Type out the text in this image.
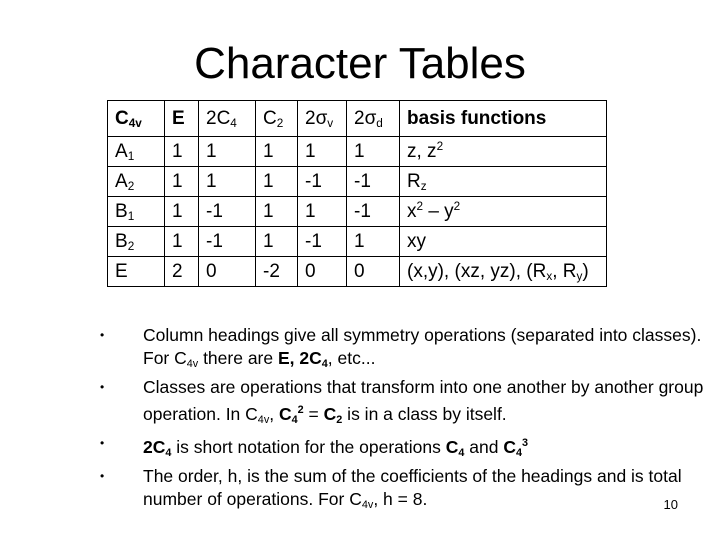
Character Tables
$C_{4v}$	E	$2C_4$	$C_2$	$2\sigma_v$	$2\sigma_d$	basis functions
$A_1$	1	1	1	1	1	z, $z^2$
$A_2$	1	1	1	-1	-1	$R_z$
$B_1$	1	-1	1	1	-1	$x^2 - y^2$
$B_2$	1	-1	1	-1	1	xy
E	2	0	-2	0	0	(x,y), (xz, yz), ($R_x$, $R_y$)
• Column headings give all symmetry operations (separated into classes). For $C_{4v}$ there are E, $2C_4$, etc...
• Classes are operations that transform into one another by another group operation. In $C_{4v}$, $C_4^2 = C_2$ is in a class by itself.
• $2C_4$ is short notation for the operations $C_4$ and $C_4^3$
• The order, h, is the sum of the coefficients of the headings and is total number of operations. For $C_{4v}$, h = 8.	10
